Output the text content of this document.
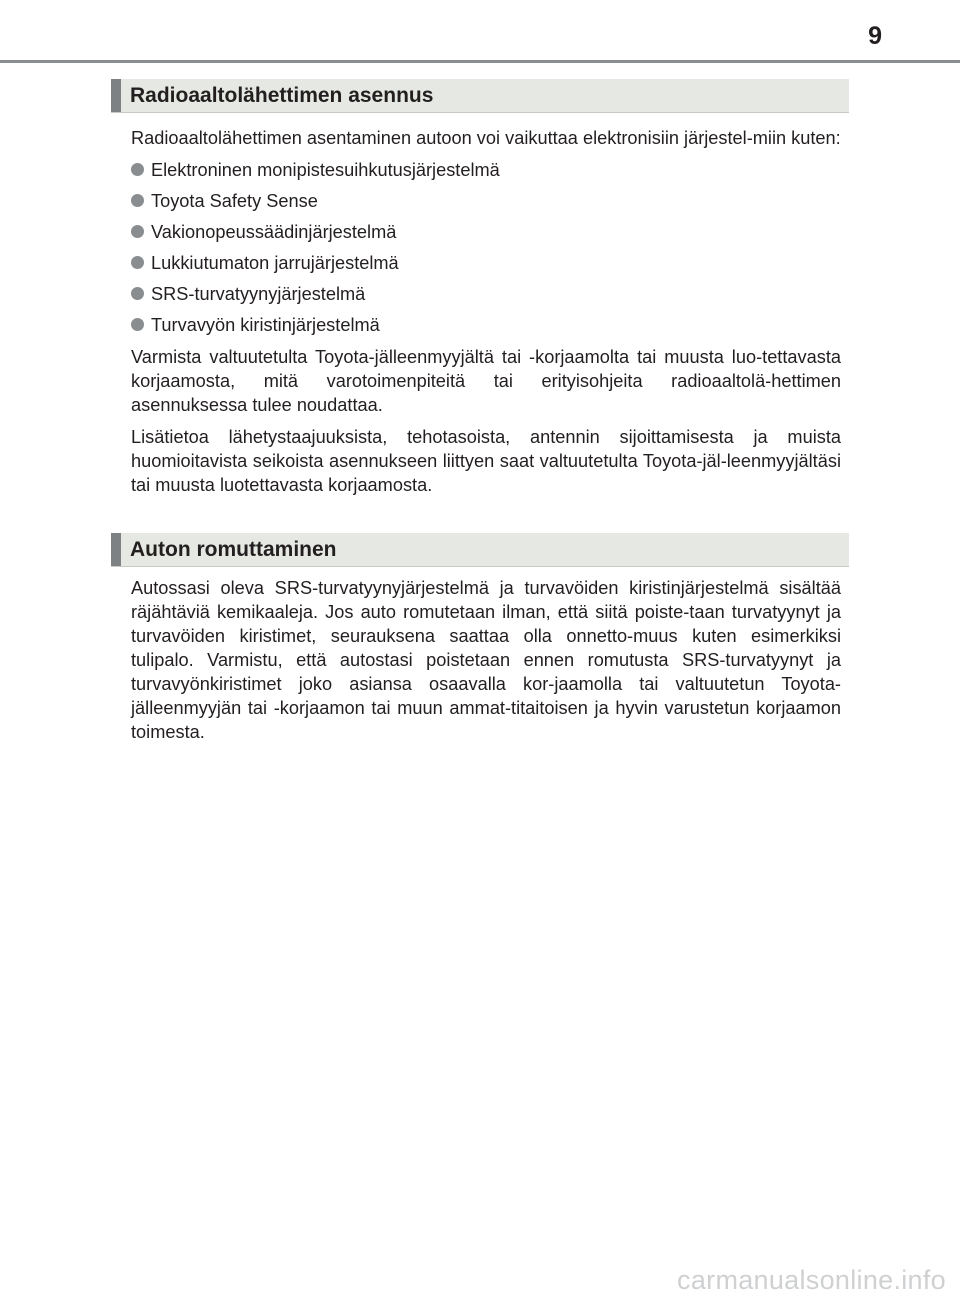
9
Radioaaltolähettimen asennus

Radioaaltolähettimen asentaminen autoon voi vaikuttaa elektronisiin järjestel-miin kuten:

Elektroninen monipistesuihkutusjärjestelmä
Toyota Safety Sense
Vakionopeussäädinjärjestelmä
Lukkiutumaton jarrujärjestelmä
SRS-turvatyynyjärjestelmä
Turvavyön kiristinjärjestelmä

Varmista valtuutetulta Toyota-jälleenmyyjältä tai -korjaamolta tai muusta luo-tettavasta korjaamosta, mitä varotoimenpiteitä tai erityisohjeita radioaaltolä-hettimen asennuksessa tulee noudattaa.

Lisätietoa lähetystaajuuksista, tehotasoista, antennin sijoittamisesta ja muista huomioitavista seikoista asennukseen liittyen saat valtuutetulta Toyota-jäl-leenmyyjältäsi tai muusta luotettavasta korjaamosta.

Auton romuttaminen

Autossasi oleva SRS-turvatyynyjärjestelmä ja turvavöiden kiristinjärjestelmä sisältää räjähtäviä kemikaaleja. Jos auto romutetaan ilman, että siitä poiste-taan turvatyynyt ja turvavöiden kiristimet, seurauksena saattaa olla onnetto-muus kuten esimerkiksi tulipalo. Varmistu, että autostasi poistetaan ennen romutusta SRS-turvatyynyt ja turvavyönkiristimet joko asiansa osaavalla kor-jaamolla tai valtuutetun Toyota-jälleenmyyjän tai -korjaamon tai muun ammat-titaitoisen ja hyvin varustetun korjaamon toimesta.

carmanualsonline.info
